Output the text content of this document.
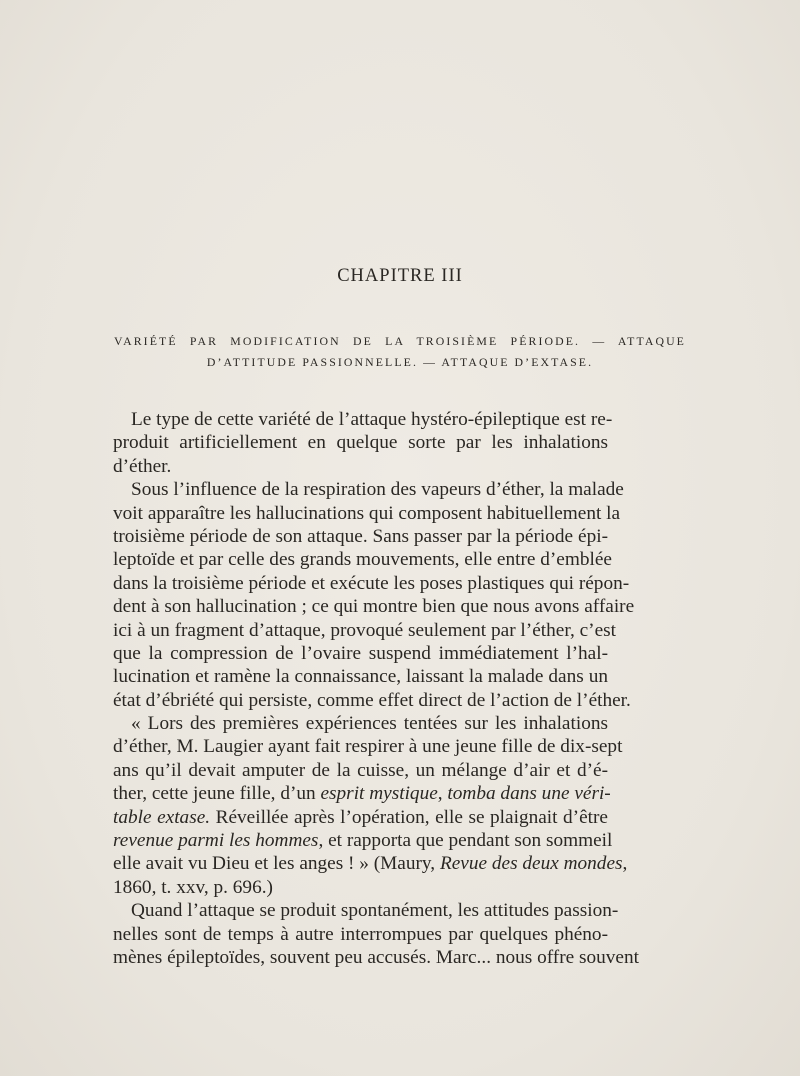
CHAPITRE III
VARIÉTÉ PAR MODIFICATION DE LA TROISIÈME PÉRIODE. — ATTAQUE
D’ATTITUDE PASSIONNELLE. — ATTAQUE D’EXTASE.
Le type de cette variété de l’attaque hystéro-épileptique est re-
produit artificiellement en quelque sorte par les inhalations
d’éther.
Sous l’influence de la respiration des vapeurs d’éther, la malade
voit apparaître les hallucinations qui composent habituellement la
troisième période de son attaque. Sans passer par la période épi-
leptoïde et par celle des grands mouvements, elle entre d’emblée
dans la troisième période et exécute les poses plastiques qui répon-
dent à son hallucination ; ce qui montre bien que nous avons affaire
ici à un fragment d’attaque, provoqué seulement par l’éther, c’est
que la compression de l’ovaire suspend immédiatement l’hal-
lucination et ramène la connaissance, laissant la malade dans un
état d’ébriété qui persiste, comme effet direct de l’action de l’éther.
« Lors des premières expériences tentées sur les inhalations
d’éther, M. Laugier ayant fait respirer à une jeune fille de dix-sept
ans qu’il devait amputer de la cuisse, un mélange d’air et d’é-
ther, cette jeune fille, d’un esprit mystique, tomba dans une véri-
table extase. Réveillée après l’opération, elle se plaignait d’être
revenue parmi les hommes, et rapporta que pendant son sommeil
elle avait vu Dieu et les anges ! » (Maury, Revue des deux mondes,
1860, t. xxv, p. 696.)
Quand l’attaque se produit spontanément, les attitudes passion-
nelles sont de temps à autre interrompues par quelques phéno-
mènes épileptoïdes, souvent peu accusés. Marc... nous offre souvent
